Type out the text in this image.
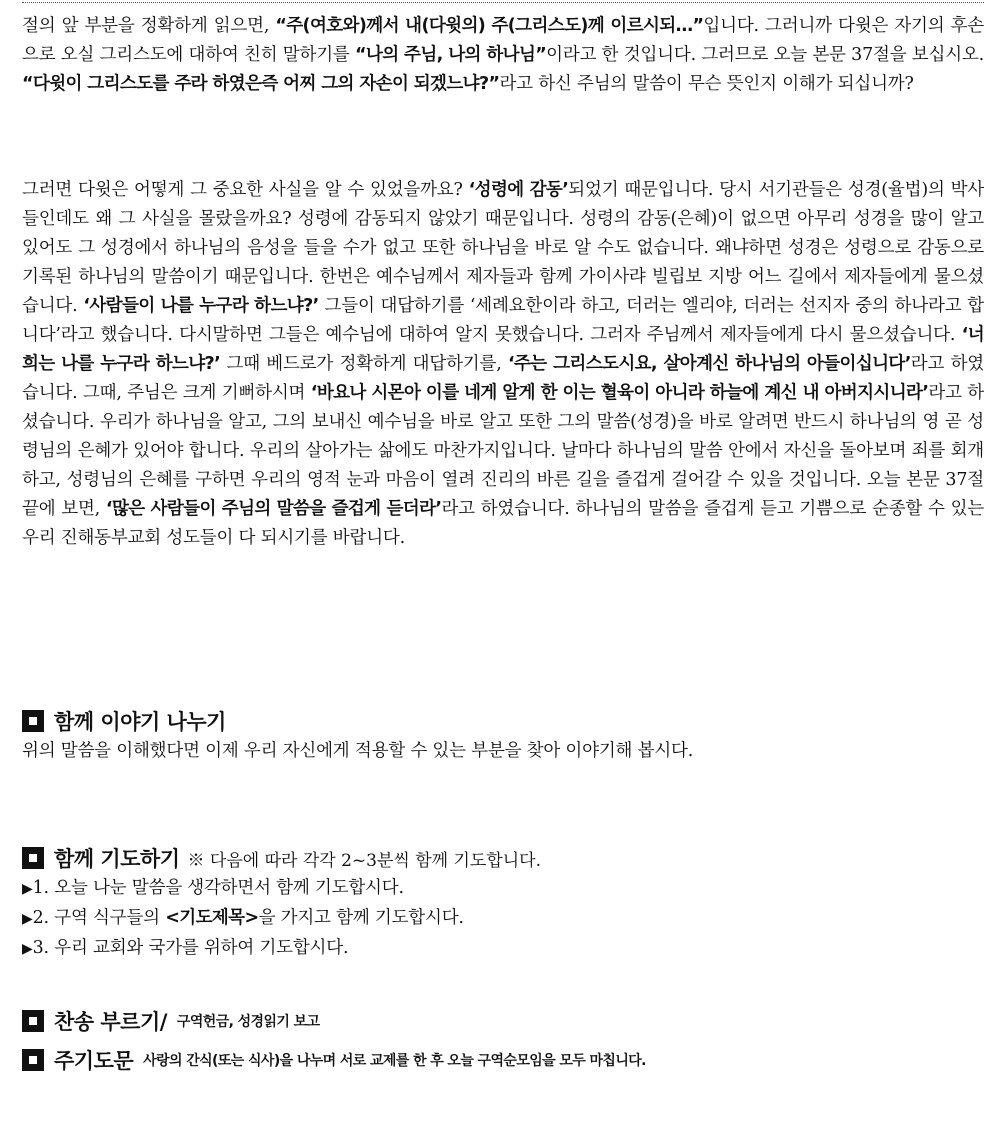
절의 앞 부분을 정확하게 읽으면, “주(여호와)께서 내(다윗의) 주(그리스도)께 이르시되…”입니다. 그러니까 다윗은 자기의 후손으로 오실 그리스도에 대하여 친히 말하기를 “나의 주님, 나의 하나님”이라고 한 것입니다. 그러므로 오늘 본문 37절을 보십시오. “다윗이 그리스도를 주라 하였은즉 어찌 그의 자손이 되겠느냐?”라고 하신 주님의 말씀이 무슨 뜻인지 이해가 되십니까?

그러면 다윗은 어떻게 그 중요한 사실을 알 수 있었을까요? ‘성령에 감동’되었기 때문입니다. 당시 서기관들은 성경(율법)의 박사들인데도 왜 그 사실을 몰랐을까요? 성령에 감동되지 않았기 때문입니다. 성령의 감동(은혜)이 없으면 아무리 성경을 많이 알고 있어도 그 성경에서 하나님의 음성을 들을 수가 없고 또한 하나님을 바로 알 수도 없습니다. 왜냐하면 성경은 성령으로 감동으로 기록된 하나님의 말씀이기 때문입니다. 한번은 예수님께서 제자들과 함께 가이사랴 빌립보 지방 어느 길에서 제자들에게 물으셨습니다. ‘사람들이 나를 누구라 하느냐?’ 그들이 대답하기를 ‘세례요한이라 하고, 더러는 엘리야, 더러는 선지자 중의 하나라고 합니다’라고 했습니다. 다시말하면 그들은 예수님에 대하여 알지 못했습니다. 그러자 주님께서 제자들에게 다시 물으셨습니다. ‘너희는 나를 누구라 하느냐?’ 그때 베드로가 정확하게 대답하기를, ‘주는 그리스도시요, 살아계신 하나님의 아들이십니다’라고 하였습니다. 그때, 주님은 크게 기뻐하시며 ‘바요나 시몬아 이를 네게 알게 한 이는 혈육이 아니라 하늘에 계신 내 아버지시니라’라고 하셨습니다. 우리가 하나님을 알고, 그의 보내신 예수님을 바로 알고 또한 그의 말씀(성경)을 바로 알려면 반드시 하나님의 영 곧 성령님의 은혜가 있어야 합니다. 우리의 살아가는 삶에도 마찬가지입니다. 날마다 하나님의 말씀 안에서 자신을 돌아보며 죄를 회개하고, 성령님의 은혜를 구하면 우리의 영적 눈과 마음이 열려 진리의 바른 길을 즐겁게 걸어갈 수 있을 것입니다. 오늘 본문 37절 끝에 보면, ‘많은 사람들이 주님의 말씀을 즐겁게 듣더라’라고 하였습니다. 하나님의 말씀을 즐겁게 듣고 기쁨으로 순종할 수 있는 우리 진해동부교회 성도들이 다 되시기를 바랍니다.

함께 이야기 나누기

위의 말씀을 이해했다면 이제 우리 자신에게 적용할 수 있는 부분을 찾아 이야기해 봅시다.

함께 기도하기 ※ 다음에 따라 각각 2~3분씩 함께 기도합니다.
▶1. 오늘 나눈 말씀을 생각하면서 함께 기도합시다.
▶2. 구역 식구들의 <기도제목>을 가지고 함께 기도합시다.
▶3. 우리 교회와 국가를 위하여 기도합시다.
찬송 부르기/ 구역헌금, 성경읽기 보고
주기도문 사랑의 간식(또는 식사)을 나누며 서로 교제를 한 후 오늘 구역순모임을 모두 마칩니다.
